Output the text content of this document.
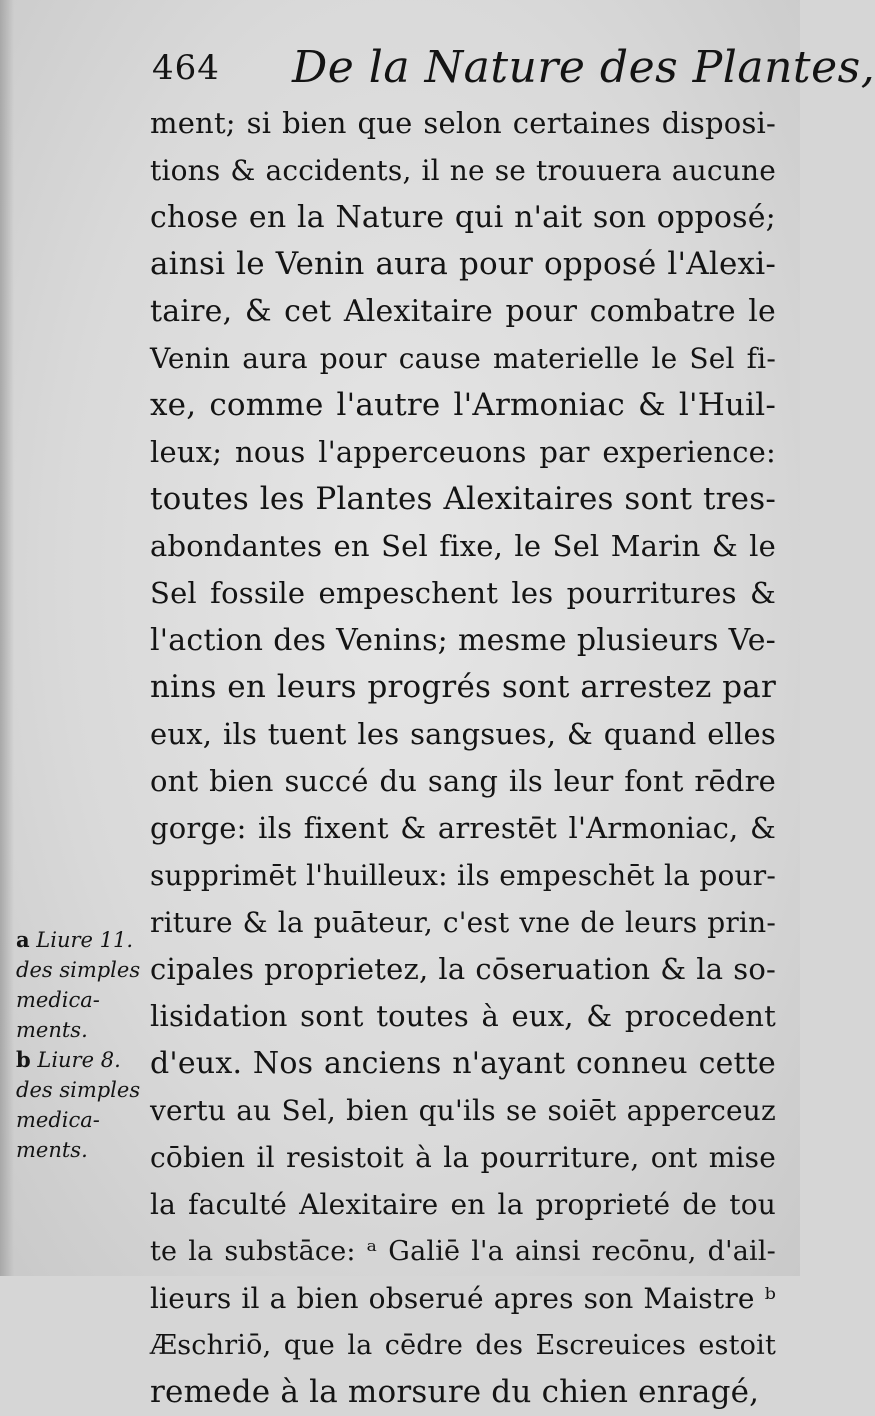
464 De la Nature des Plantes,
ment; si bien que selon certaines disposi-
tions & accidents, il ne se trouuera aucune
chose en la Nature qui n'ait son opposé;
ainsi le Venin aura pour opposé l'Alexi-
taire, & cet Alexitaire pour combatre le
Venin aura pour cause materielle le Sel fi-
xe, comme l'autre l'Armoniac & l'Huil-
leux; nous l'apperceuons par experience:
toutes les Plantes Alexitaires sont tres-
abondantes en Sel fixe, le Sel Marin & le
Sel fossile empeschent les pourritures &
l'action des Venins; mesme plusieurs Ve-
nins en leurs progrés sont arrestez par
eux, ils tuent les sangsues, & quand elles
ont bien succé du sang ils leur font rēdre
gorge: ils fixent & arrestēt l'Armoniac, &
supprimēt l'huilleux: ils empeschēt la pour-
riture & la puāteur, c'est vne de leurs prin-
cipales proprietez, la cōseruation & la so-
lisidation sont toutes à eux, & procedent
d'eux. Nos anciens n'ayant conneu cette
vertu au Sel, bien qu'ils se soiēt apperceuz
cōbien il resistoit à la pourriture, ont mise
la faculté Alexitaire en la proprieté de tou
te la substāce: ᵃ Galiē l'a ainsi recōnu, d'ail-
lieurs il a bien obserué apres son Maistre ᵇ
Æschriō, que la cēdre des Escreuices estoit
remede à la morsure du chien enragé,
a Liure 11.
des simples
medica-
ments.
b Liure 8.
des simples
medica-
ments.
